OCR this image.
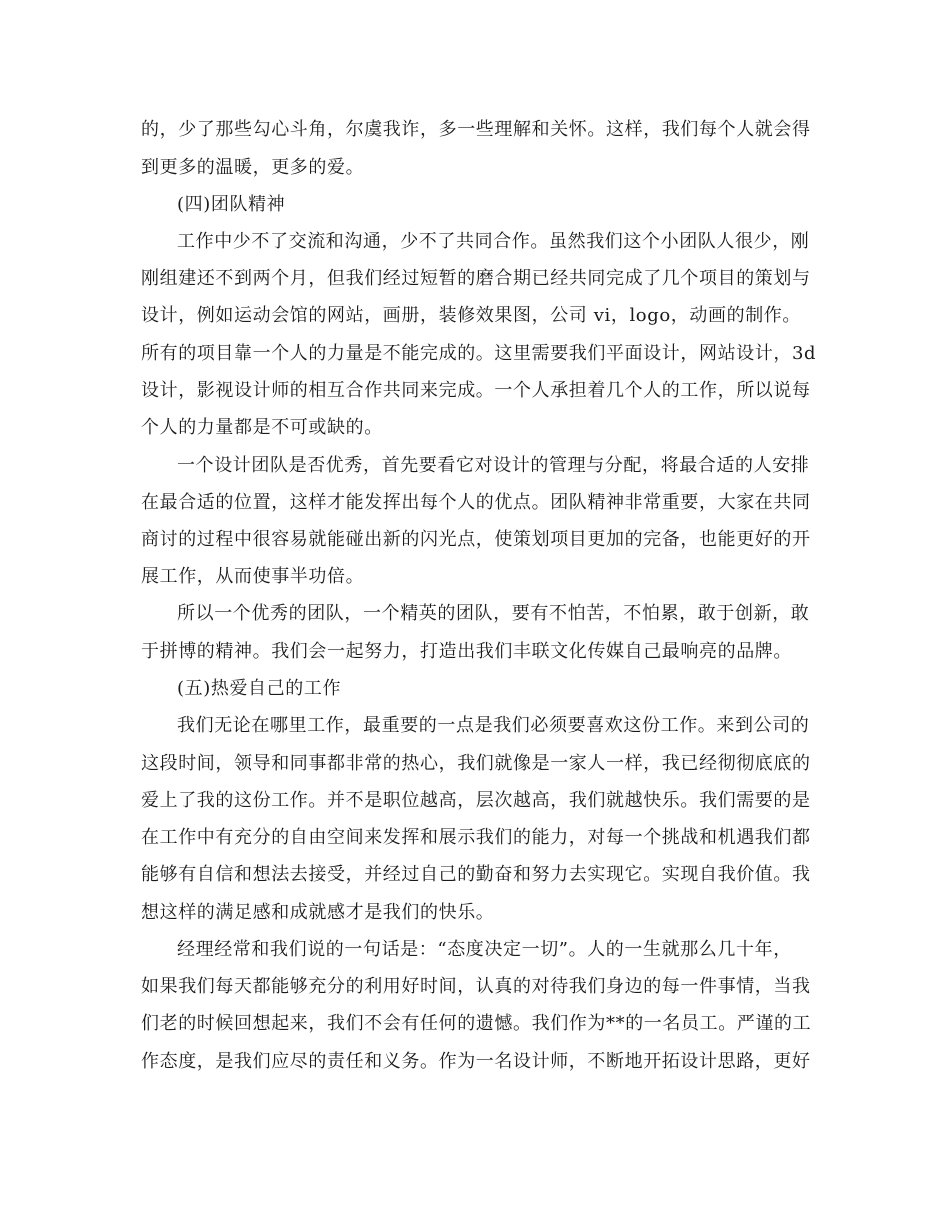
的，少了那些勾心斗角，尔虞我诈，多一些理解和关怀。这样，我们每个人就会得
到更多的温暖，更多的爱。
(四)团队精神
工作中少不了交流和沟通，少不了共同合作。虽然我们这个小团队人很少，刚
刚组建还不到两个月，但我们经过短暂的磨合期已经共同完成了几个项目的策划与
设计，例如运动会馆的网站，画册，装修效果图，公司 vi，logo，动画的制作。
所有的项目靠一个人的力量是不能完成的。这里需要我们平面设计，网站设计，3d
设计，影视设计师的相互合作共同来完成。一个人承担着几个人的工作，所以说每
个人的力量都是不可或缺的。
一个设计团队是否优秀，首先要看它对设计的管理与分配，将最合适的人安排
在最合适的位置，这样才能发挥出每个人的优点。团队精神非常重要，大家在共同
商讨的过程中很容易就能碰出新的闪光点，使策划项目更加的完备，也能更好的开
展工作，从而使事半功倍。
所以一个优秀的团队，一个精英的团队，要有不怕苦，不怕累，敢于创新，敢
于拼博的精神。我们会一起努力，打造出我们丰联文化传媒自己最响亮的品牌。
(五)热爱自己的工作
我们无论在哪里工作，最重要的一点是我们必须要喜欢这份工作。来到公司的
这段时间，领导和同事都非常的热心，我们就像是一家人一样，我已经彻彻底底的
爱上了我的这份工作。并不是职位越高，层次越高，我们就越快乐。我们需要的是
在工作中有充分的自由空间来发挥和展示我们的能力，对每一个挑战和机遇我们都
能够有自信和想法去接受，并经过自己的勤奋和努力去实现它。实现自我价值。我
想这样的满足感和成就感才是我们的快乐。
经理经常和我们说的一句话是：“态度决定一切”。人的一生就那么几十年，
如果我们每天都能够充分的利用好时间，认真的对待我们身边的每一件事情，当我
们老的时候回想起来，我们不会有任何的遗憾。我们作为**的一名员工。严谨的工
作态度，是我们应尽的责任和义务。作为一名设计师，不断地开拓设计思路，更好
